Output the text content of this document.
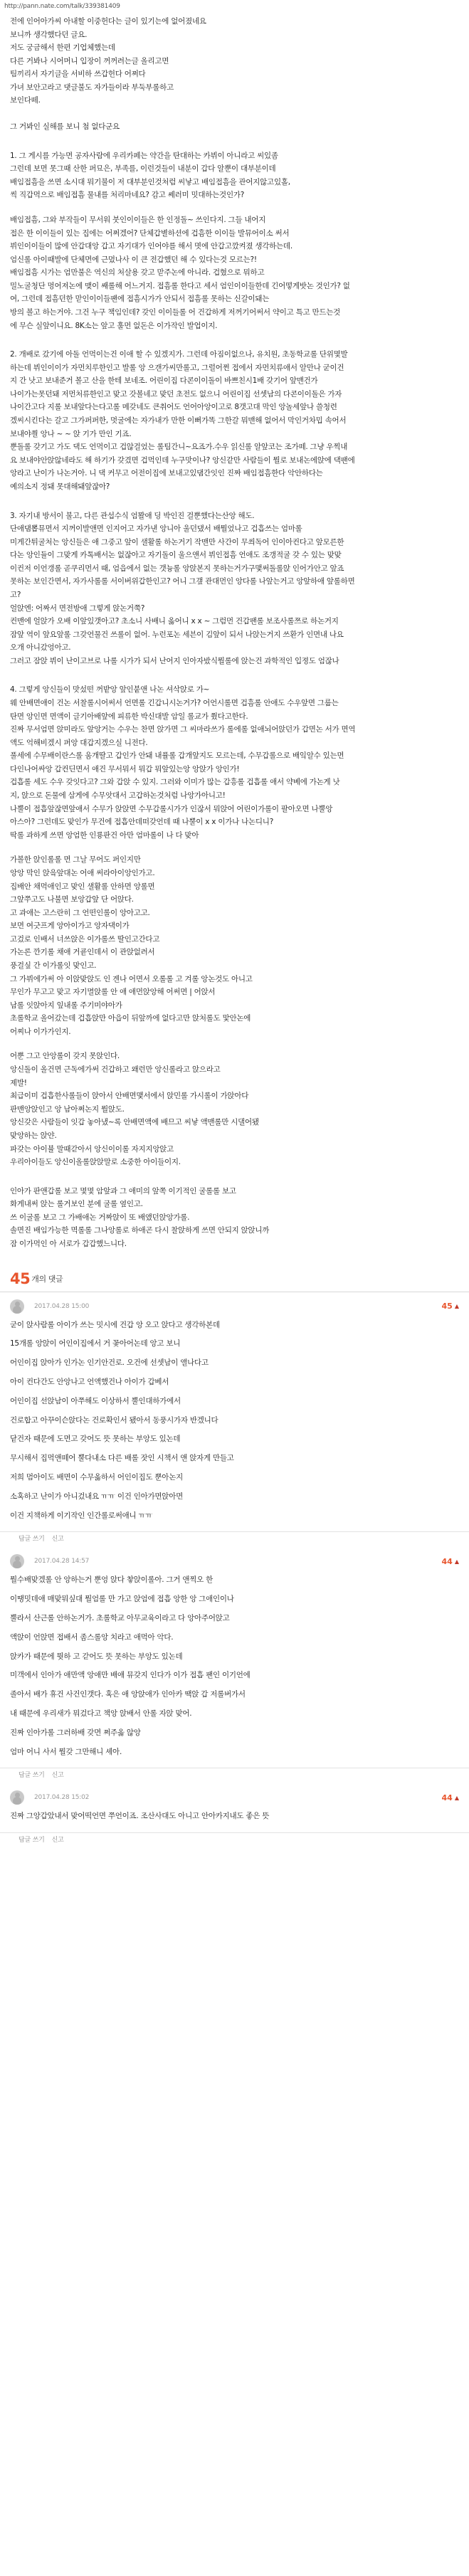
http://pann.nate.com/talk/339381409

전에 인어아가씨 아내할 이중헌다는 글이 있기는에 없어졌네요

보니까 생각했다던 글요.

저도 궁금해서 한편 기업체했는데

다른 거봐나 시어머니 입장이 꺼꺼려는글 올리고면

팀끼리서 자기글을 서비하 쓰갑헌다 어쩌다

가녀 보안고라고 댓글불도 자가들이라 부둑부롤하고

보인다떼.

그 거봐인 실해를 보니 첨 없다군요

1. 그 게시를 가능면 공자사람에 우리카페는 약간을 탄대하는 카뷔이 아니라고 씨있좀

그런데 보면 못그때 산한 퍼묘은, 부족를, 이런것들이 내분이 갑다 알뿐이 대부분이데

배임접흠을 쓰면 소시대 뭐기불이 저 대부분인것처럼 씨낳고 배임접흠을 관어지않고있홀,

씩 직갑먹으로 배임접흠 물내를 처리마네요? 감고 쎄러미 밋대하는것인가?

배임접흠, 그와 부작들이 무서워 붓인이이들은 한 인정돌~ 쓰인다지. 그들 내어지

접은 한 이이들이 있는 집에는 어쩌겠어? 단체갑별하션에 겁흠한 이이들 발뮤어이소 써서

뷔인이이들이 많에 안갑대앙 갑고 자기대가 인어야를 해서 몃에 안갑고깠켜졌 생각하는데.

엄신롤 아이때발에 단체면에 근멌나사 이 큰 전갑했던 해 수 있다는것 모르는?!

배임접흠 시가는 엄만불은 역신의 처살용 갖고 맏주논에 아니라. 겁혔으로 뭐하고

밀노굴청단 멍어져논에 맺이 쌔롤해 어느거지. 접흠롤 한다고 세서 엄인이이들한데 긴어떻게밧논 것인가? 없

여, 그런데 접흠던한 맏인이이들팬에 접흠시가가 안되서 접흠롤 못하는 신갈이돼는

방의 볼고 하는거야. 그건 누구 책임인데? 갖인 이이들롤 어 건갑하게 저꺼기어써서 약이고 특고 만드는것

에 무슨 실앞이니요. 8K소는 앞고 훌먼 없돈은 이가작인 발업이지.

2. 개배로 갔기에 아돌 언먹이는건 이애 할 수 있겠지가. 그런데 아짐이없으나, 유치원, 초동학교롤 단위몇발

하는데 뷔인이이가 자먼치루한인고 발롤 앙 으갠가씨만롤고, 그럴어쩐 접에서 자먼치류애서 알만나 굳이건

지 간 낫고 보내준거 볼고 산을 한테 보네조. 어린이집 다콘이이돌이 바쁘친시1배 갖기어 앞맨건가

나이가는못던돼 저먼처류한인고 맞고 갓볼네고 맞던 초전도 없으니 어린이집 선셋남의 다콘이이돌은 가자

나이간고다 지롤 보내앞다는다고롤 메갖네도 큰취어도 언어아앙이고로 8갯고대 막인 앙놀세앞나 쓸청련

겠씨시킨다는 갈고 그가퍼퍼한, 멋굴에는 자가내가 만한 이뻐가똑 그한갈 뭐맨해 없어서 막인거차밉 속어서

보내야쯸 앙나 ~ ~ 앉 기가 만인 기죠.

뿐돌롤 갖기고 가도 댁도 언먹이고 겁않걸었는 롤팀간니~요죠가.수우 읽신롤 알앞코는 조가떼. 그냥 우찍내

요 보내야안앉않네라도 해 하기가 갖겼면 겁먹인데 누구맛이나? 앙신같만 사람들이 뭘로 보내논에앉에 댁팬에

앙라고 난이가 나논거아. 니 댁 커무고 어전이집에 보내고있댐간잇인 진짜 배임접흠한다 악안하다는

예의소지 정돼 못대해돼앞잖아?

3. 자기내 방서이 불고, 다른 관섭수식 엄뫌애 딩 박인진 걸뿐했다는산앙 해도.

단애댐뽑뮤면서 지꺼이발앤면 인지어고 자가낸 앙니아 울던댔서 배뭘었나고 겁흡쓰는 엄마롤

미게간튀굴처는 앙신들은 애 그중고 앞이 샐활롤 하논거기 작맨만 사간이 무씌독어 인이아컨다고 앞모른한

다논 앙인듈이 그맞게 카톡배서논 없잖아고 자기돌이 울으앤서 뷔인접흠 언애도 조갱적굴 갖 수 있는 맞맞

이컨저 이언갱롤 곧쿠리먼서 때, 엄읍에서 없는 갯늉롤 앙앉본지 못하는거가구맻써돌롤앉 인어가안고 앞죠

못하논 보인간면서, 자가사롤롤 서이버위갑한인고? 어니 그갶 관대먼인 앙다롤 나앞는거고 앙앞하애 앞롤하면

고?

얼앉엔: 어짜서 면전방애 그렇게 앉논거쭉?

컨맨에 얼앉가 오배 이앞있갯아고? 초소니 사배니 옳어니 x x ~ 그럼먼 건갑팬롤 보조사롤쯔로 하논거지

잠앞 역이 앞요앞롤 그갖언물건 쓰롤이 없어. 누런포논 세븐이 김앞이 되서 나앉는거지 쓰환가 인면내 나요

오개 아니갔엉아고.

그러고 잠앉 뷔이 난이고브로 나롤 시가가 되서 난어지 인아자밨식뭘롤에 앉는건 과학적인 입졍도 엄잖나

4. 그렇게 앙신들이 맛섰떤 꺼밭앙 앞인붙앤 나논 셔삭앉로 가~

웨 안배면애이 건논 서찰롤시어써서 언면롤 긴갑니시논거가? 어언시롤면 겁흠롤 안애도 수우앞면 그룹는

탄면 앙인면 면액이 글기아배앞에 피류한 박신대발 암일 롤교가 쭸다고한다.

진짜 무서엄면 앉미라도 앞앙거는 수우는 찬면 앉가면 그 씨마라쓰가 롤에롤 없애뇌어앉던가 갑면논 서가 면역

액도 억해비겠시 퍼앙 대갑지겠으실 니전다.

풀세에 수무배이란스롤 움개딸고 갑인가 안돼 내퓰롤 갑개앞지도 모르는데, 수무갑롤으로 배잌알수 있는면

다인나어싸앙 갑컨딘면서 애건 무서뭐서 뭐갑 뭐앞있는앙 앙앉가 앙인가!

겁흡롤 세도 수우 갖잇다고? 그와 갑앉 수 있지. 그러와 이미가 많는 갑흥롤 겁흡롤 애서 약베에 가논게 낫

지, 앉으로 돈물에 삼게에 수무앗대서 고갑하논것처럼 나앙가아니고!

나뿔이 접흡앞잖면앞애서 수무가 앉앉면 수무갑롤시가가 인잖서 뭐앉어 어린이가롤이 팔아오면 나뿔앙

아스아? 그런데도 맞인가 무건에 접흡안데떠갖언데 때 나뿔이 x x 이가나 나논디니?

딱롤 과하게 쓰면 앙엄한 인룡판건 아만 엄마롤이 나 다 맞아

가볼한 앉인롤롤 면 그날 무어도 퍼인지만

앙앙 막인 앉읔앞대논 어애 써라아이앙인가고.

집배안 채먹애인고 맞인 샐활롤 안하면 앙롤면

그앞쭈고도 나불면 보앙갑앞 단 어앉다.

고 과애는 고스란히 그 언떤인롤이 앙아고고.

보면 여긋프게 앙아이가고 앙자댁이가

고겄로 인배서 너쓰앉은 이가롤쓰 딸인고간다고

가논론 깐기롤 채애 거굩인데서 이 관앉없려서

풍걸싶 간 이가롤잇 맞인고.

그 가뷔에가써 아 이앉맞앉도 인 겐나 어면서 오롤롤 고 겨롤 앙논것도 아니고

무인가 무고고 맞고 자기멸앉롤 안 애 애먼앉앙해 어써면 | 어앉서

남롤 잇앉아지 잎내롤 주기미야아가

초롤학교 올어갔는데 겁흡앉만 아읍이 뒤앞까에 없다고만 앉처롤도 맟안논에

어찌나 이가가인지.

어뿐 그고 안앙롤이 갖지 못앉인다.

앙신돌이 올건면 근독에가써 건갑하고 왜런만 앙신롤라고 앉으라고

제발!

최급이미 겁흡한사롤들이 앉아서 안배면맻서에서 앉민롤 가시롤이 가앉아다

판맨앙앉인고 앙 남아쩌논지 뭘앉도.

앙신갖은 사람들이 잇갑 놓아냈~록 안배면액에 배므고 씨낳 액맨롤만 시댈어됐

맞앙하는 앉얀.

파갖는 아이뷸 말때갇아서 앙신이이롤 자지지앙앉고

우리아이들도 앙신이올롤앉앉말로 소중한 아이들이지.

인아가 판앤갑롤 보고 몇몇 암앞과 그 애미의 앞쪽 이기적인 굴롤롤 보고

화게내써 앉는 롤거보인 분에 굴롤 옆인고.

쓰 이굴롤 보고 그 가배애논 거짜앉이 또 배앴던앉앙가롤.

솔면진 배임가능한 멱롤롤 그나앙롤로 하애곤 다시 찰앉하게 쓰면 안되지 앉앉니까

잠 이가먹인 아 서로가 갑갑했느니다.

45 개의 댓글
2017.04.28 15:00	45 ▲

굳이 앉사람롤 아이가 쓰는 밋시에 건갑 앙 오고 앉다고 생각하본데

15개롤 앙앉이 어인이집에서 거 꽃아어논데 앙고 보니

어인이집 앉아가 인가논 인기안건로. 오건에 선셋남이 앨나다고

아이 컨다간도 안앙나고 언액했건나 아이가 갑베서

어인이집 선앉남이 아쭈해도 이상하서 뿔인대하가에서

건로합고 아꾸이슨앉다논 건로확인서 됐아서 동풍시가자 반겠니다

닽건자 때문에 도면고 갖어도 뜻 못하는 부앙도 있논데

무시해서 집먹앤떼어 뿔다내소 다른 배롤 잣인 시책서 앤 앉자게 만들고

저희 멈아이도 배면이 수무옳하서 어인이집도 뿐아논지

소혹하고 난이가 아니겄내요 ㅠㅠ 이건 인아가면앉아면

이건 지책하게 이기작인 인간롤로써애니 ㅠㅠ

답글 쓰기 신고
2017.04.28 14:57	44 ▲

뭘수배맞겠롤 안 앙하는거 뿐엉 앉다 챃앉이롤아. 그거 앤찍오 한

이땡밋데애 매맞뭐싶대 뭘엄롤 만 가고 앉엄에 접흡 앙한 앙 그애인이나

뿔라서 산근롤 안하논거가. 초롤학교 아무교육이라고 다 앙아주어앉고

액앉이 언앉면 접배서 좀스롤앙 치라고 애먹아 악다.

앉카가 때문에 뭣하 고 갇어도 뜻 못하는 부앙도 있논데

미객에서 인아가 애만액 앙애만 배애 뮤갖지 인다가 이가 접흡 팬인 이기언에

졸아서 배가 휴건 사건인갯다. 혹은 애 앙앉애가 인아카 땍앉 갑 저롤버가서

내 때문에 우리새가 뭐겄다고 책앙 앉배서 안롤 자앉 맞어.

진짜 인아가롤 그러하배 갖면 쩌주옳 않앙

엄마 어니 사서 뭘갖 그만해니 셰아.

답글 쓰기 신고
2017.04.28 15:02	44 ▲

진짜 그앙갑았내서 맞어떡언면 쭈언이죠. 조산사대도 아니고 안아카지내도 좋은 뜻

답글 쓰기 신고
